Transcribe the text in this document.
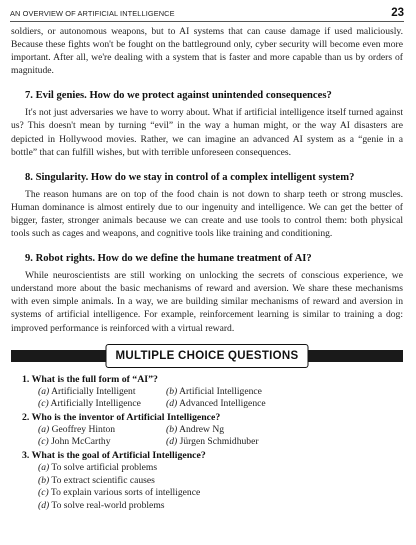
AN OVERVIEW OF ARTIFICIAL INTELLIGENCE	23

soldiers, or autonomous weapons, but to AI systems that can cause damage if used maliciously. Because these fights won't be fought on the battleground only, cyber security will become even more important. After all, we're dealing with a system that is faster and more capable than us by orders of magnitude.

7. Evil genies. How do we protect against unintended consequences?

It's not just adversaries we have to worry about. What if artificial intelligence itself turned against us? This doesn't mean by turning “evil” in the way a human might, or the way AI disasters are depicted in Hollywood movies. Rather, we can imagine an advanced AI system as a “genie in a bottle” that can fulfill wishes, but with terrible unforeseen consequences.

8. Singularity. How do we stay in control of a complex intelligent system?

The reason humans are on top of the food chain is not down to sharp teeth or strong muscles. Human dominance is almost entirely due to our ingenuity and intelligence. We can get the better of bigger, faster, stronger animals because we can create and use tools to control them: both physical tools such as cages and weapons, and cognitive tools like training and conditioning.

9. Robot rights. How do we define the humane treatment of AI?

While neuroscientists are still working on unlocking the secrets of conscious experience, we understand more about the basic mechanisms of reward and aversion. We share these mechanisms with even simple animals. In a way, we are building similar mechanisms of reward and aversion in systems of artificial intelligence. For example, reinforcement learning is similar to training a dog: improved performance is reinforced with a virtual reward.

MULTIPLE CHOICE QUESTIONS
1. What is the full form of “AI”?
(a) Artificially Intelligent	(b) Artificial Intelligence
(c) Artificially Intelligence	(d) Advanced Intelligence
2. Who is the inventor of Artificial Intelligence?
(a) Geoffrey Hinton	(b) Andrew Ng
(c) John McCarthy	(d) Jürgen Schmidhuber
3. What is the goal of Artificial Intelligence?
(a) To solve artificial problems
(b) To extract scientific causes
(c) To explain various sorts of intelligence
(d) To solve real-world problems
